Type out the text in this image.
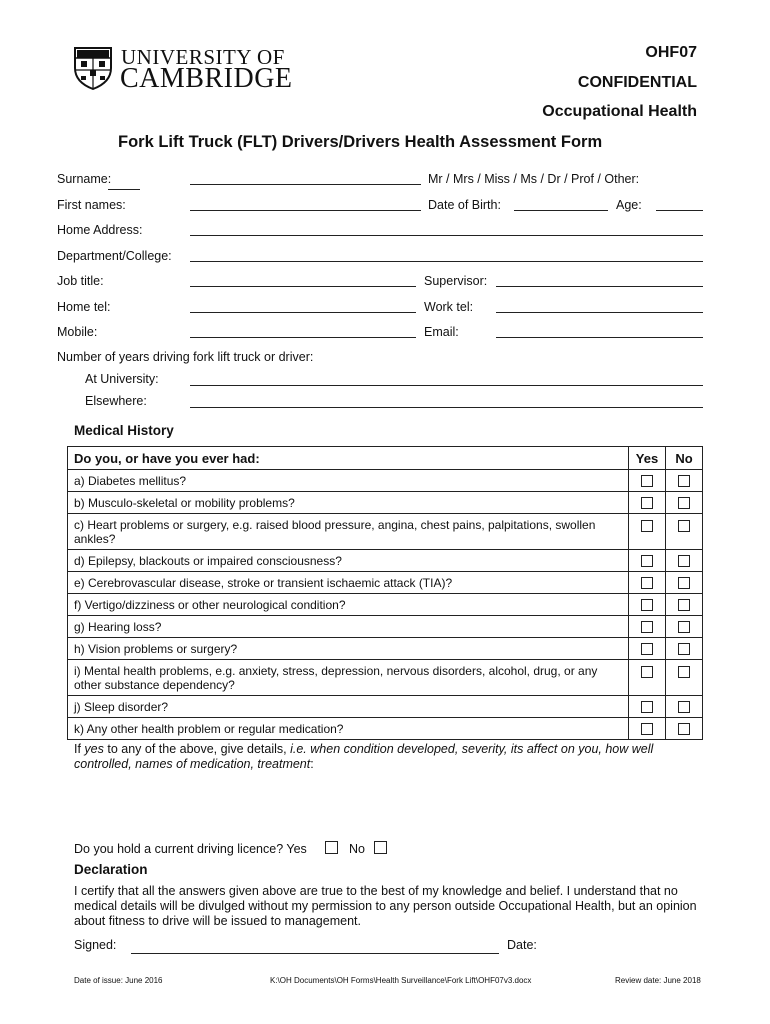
UNIVERSITY OF
CAMBRIDGE
OHF07
CONFIDENTIAL
Occupational Health
Fork Lift Truck (FLT) Drivers/Drivers Health Assessment Form
Surname:	Mr / Mrs / Miss / Ms / Dr / Prof / Other:
First names:	Date of Birth:	Age:
Home Address:
Department/College:
Job title:	Supervisor:
Home tel:	Work tel:
Mobile:	Email:
Number of years driving fork lift truck or driver:
At University:
Elsewhere:
Medical History
Do you, or have you ever had:	Yes	No
a) Diabetes mellitus?		
b) Musculo-skeletal or mobility problems?		
c) Heart problems or surgery, e.g. raised blood pressure, angina, chest pains, palpitations, swollen ankles?		
d) Epilepsy, blackouts or impaired consciousness?		
e) Cerebrovascular disease, stroke or transient ischaemic attack (TIA)?		
f) Vertigo/dizziness or other neurological condition?		
g) Hearing loss?		
h) Vision problems or surgery?		
i) Mental health problems, e.g. anxiety, stress, depression, nervous disorders, alcohol, drug, or any other substance dependency?		
j) Sleep disorder?		
k) Any other health problem or regular medication?		
If yes to any of the above, give details, i.e. when condition developed, severity, its affect on you, how well controlled, names of medication, treatment:
Do you hold a current driving licence? Yes	No
Declaration
I certify that all the answers given above are true to the best of my knowledge and belief. I understand that no medical details will be divulged without my permission to any person outside Occupational Health, but an opinion about fitness to drive will be issued to management.
Signed:	Date:
Date of issue: June 2016	K:\OH Documents\OH Forms\Health Surveillance\Fork Lift\OHF07v3.docx	Review date: June 2018
